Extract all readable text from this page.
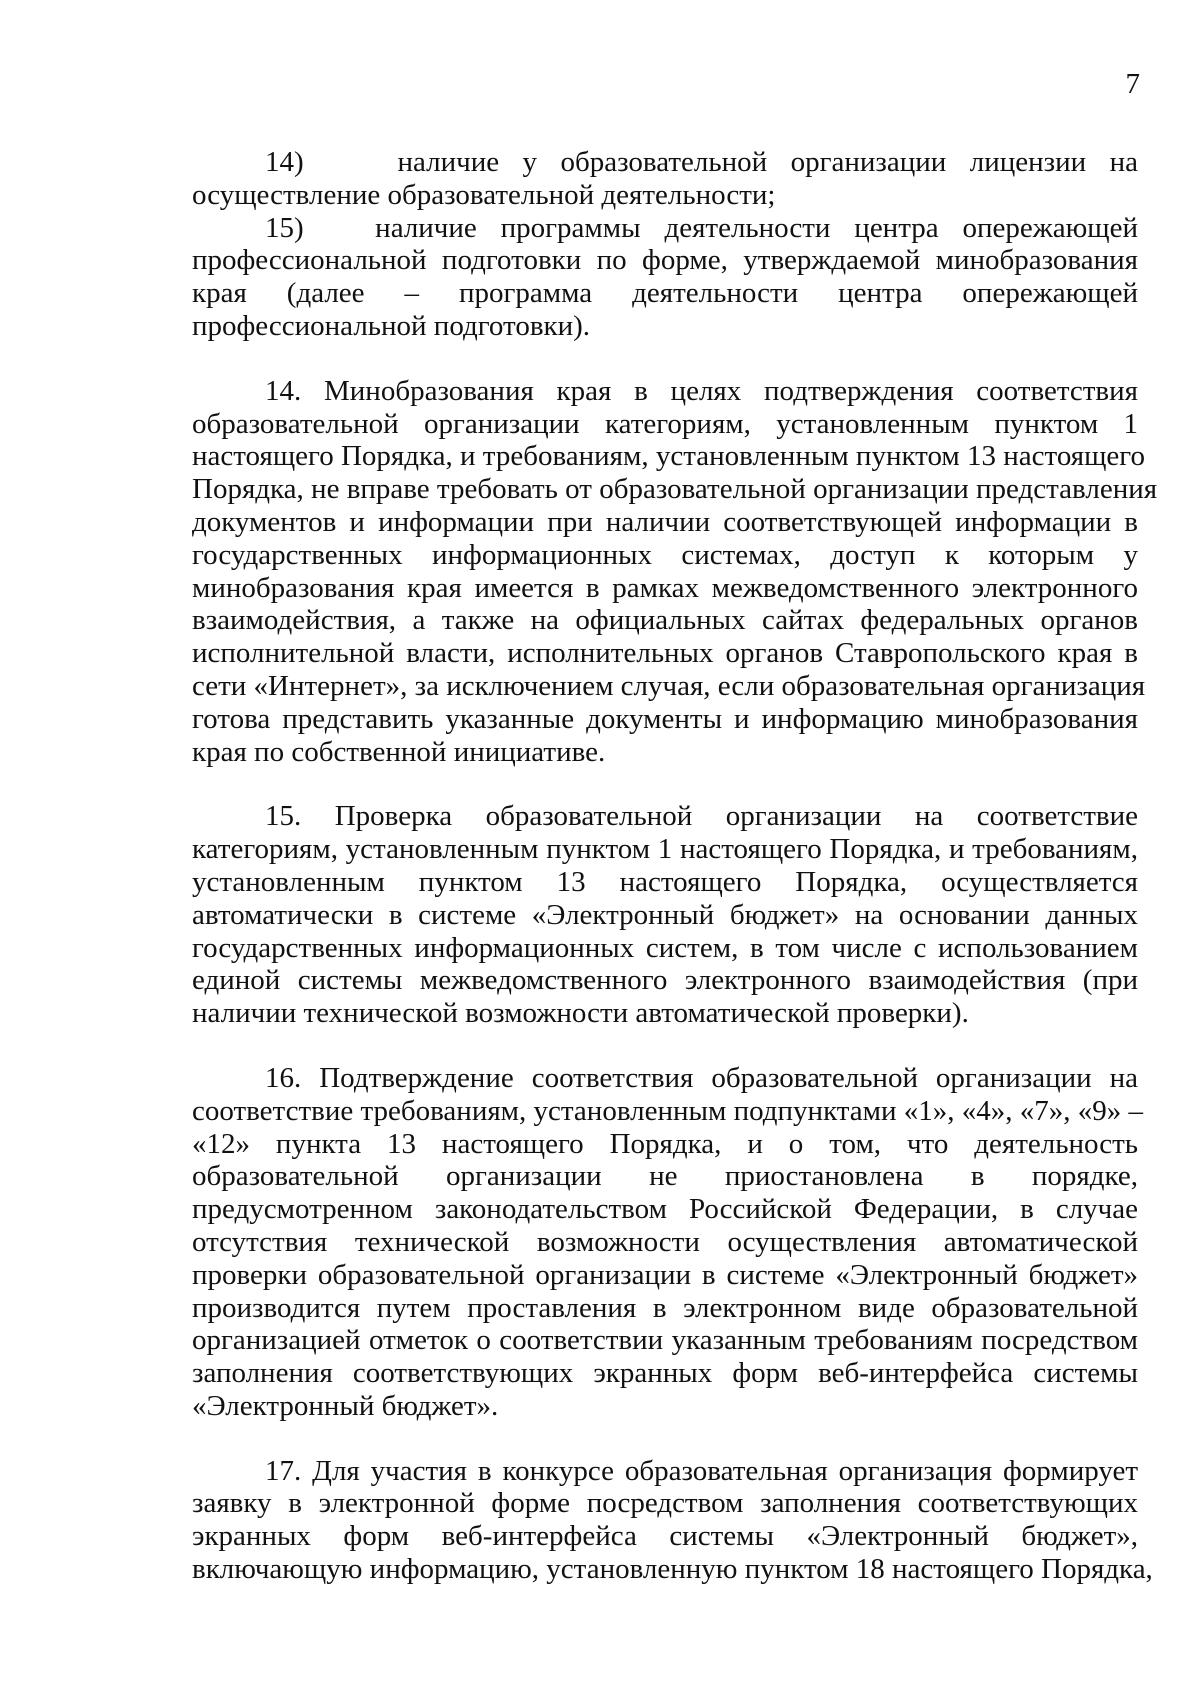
7

14)    наличие у образовательной организации лицензии на
осуществление образовательной деятельности;

15)   наличие программы деятельности центра опережающей
профессиональной подготовки по форме, утверждаемой минобразования
края (далее – программа деятельности центра опережающей
профессиональной подготовки).

14. Минобразования края в целях подтверждения соответствия
образовательной организации категориям, установленным пунктом 1
настоящего Порядка, и требованиям, установленным пунктом 13 настоящего
Порядка, не вправе требовать от образовательной организации представления
документов и информации при наличии соответствующей информации в
государственных информационных системах, доступ к которым у
минобразования края имеется в рамках межведомственного электронного
взаимодействия, а также на официальных сайтах федеральных органов
исполнительной власти, исполнительных органов Ставропольского края в
сети «Интернет», за исключением случая, если образовательная организация
готова представить указанные документы и информацию минобразования
края по собственной инициативе.

15. Проверка образовательной организации на соответствие
категориям, установленным пунктом 1 настоящего Порядка, и требованиям,
установленным пунктом 13 настоящего Порядка, осуществляется
автоматически в системе «Электронный бюджет» на основании данных
государственных информационных систем, в том числе с использованием
единой системы межведомственного электронного взаимодействия (при
наличии технической возможности автоматической проверки).

16. Подтверждение соответствия образовательной организации на
соответствие требованиям, установленным подпунктами «1», «4», «7», «9» –
«12» пункта 13 настоящего Порядка, и о том, что деятельность
образовательной организации не приостановлена в порядке,
предусмотренном законодательством Российской Федерации, в случае
отсутствия технической возможности осуществления автоматической
проверки образовательной организации в системе «Электронный бюджет»
производится путем проставления в электронном виде образовательной
организацией отметок о соответствии указанным требованиям посредством
заполнения соответствующих экранных форм веб-интерфейса системы
«Электронный бюджет».

17. Для участия в конкурсе образовательная организация формирует
заявку в электронной форме посредством заполнения соответствующих
экранных форм веб-интерфейса системы «Электронный бюджет»,
включающую информацию, установленную пунктом 18 настоящего Порядка,
